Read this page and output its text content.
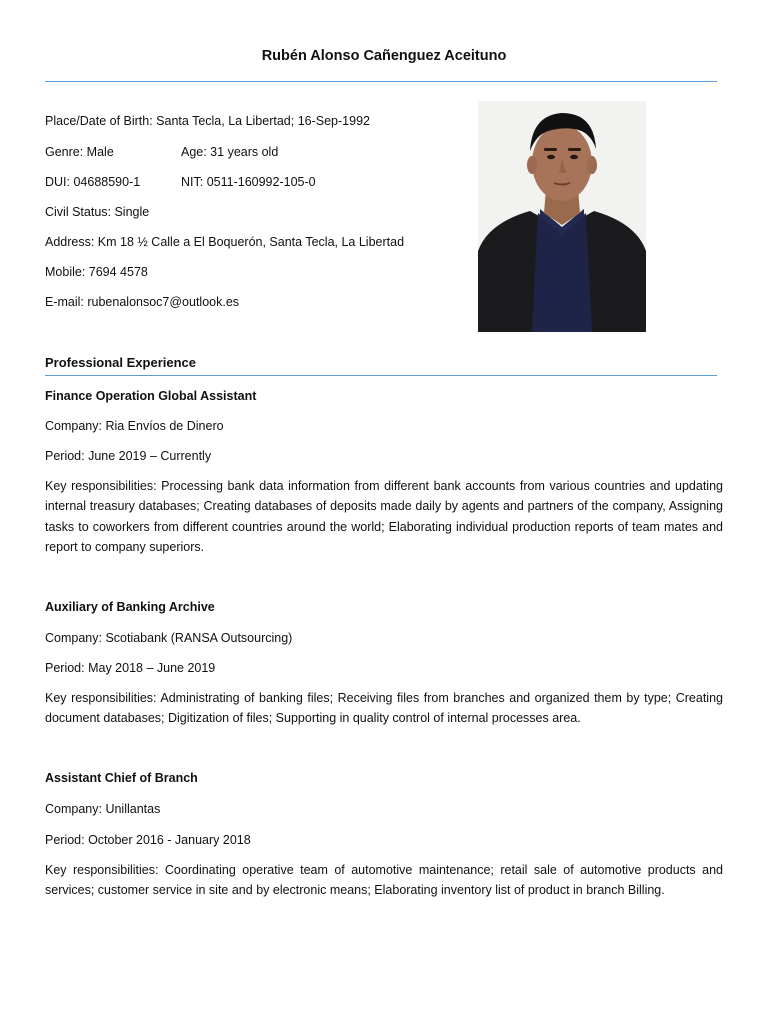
Rubén Alonso Cañenguez Aceituno
Place/Date of Birth: Santa Tecla, La Libertad; 16-Sep-1992
Genre: Male	Age: 31 years old
DUI: 04688590-1	NIT: 0511-160992-105-0
Civil Status: Single
Address: Km 18 ½ Calle a El Boquerón, Santa Tecla, La Libertad
Mobile: 7694 4578
E-mail: rubenalonsoc7@outlook.es
Professional Experience
Finance Operation Global Assistant
Company: Ria Envíos de Dinero
Period: June 2019 – Currently
Key responsibilities: Processing bank data information from different bank accounts from various countries and updating internal treasury databases; Creating databases of deposits made daily by agents and partners of the company, Assigning tasks to coworkers from different countries around the world; Elaborating individual production reports of team mates and report to company superiors.
Auxiliary of Banking Archive
Company: Scotiabank (RANSA Outsourcing)
Period: May 2018 – June 2019
Key responsibilities: Administrating of banking files; Receiving files from branches and organized them by type; Creating document databases; Digitization of files; Supporting in quality control of internal processes area.
Assistant Chief of Branch
Company: Unillantas
Period: October 2016 - January 2018
Key responsibilities: Coordinating operative team of automotive maintenance; retail sale of automotive products and services; customer service in site and by electronic means; Elaborating inventory list of product in branch Billing.
